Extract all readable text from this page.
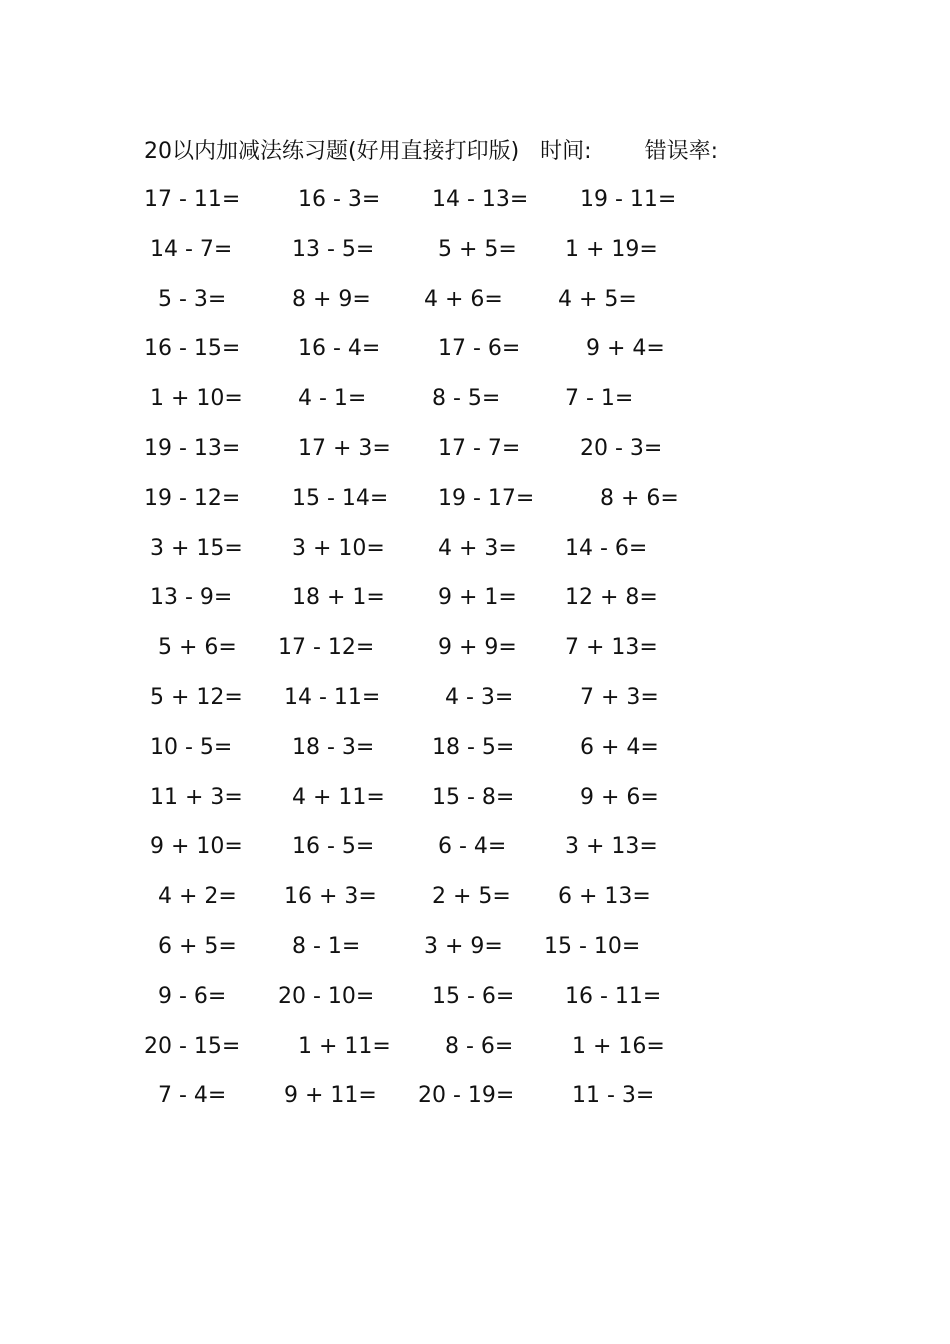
20以内加减法练习题(好用直接打印版) 时间: 错误率:
17 - 11=	16 - 3= 14 - 13= 19 - 11=
14 - 7=	13 - 5=	5 + 5= 1 + 19=
5 - 3=	8 + 9= 4 + 6=	4 + 5=
16 - 15=	16 - 4=	17 - 6=	9 + 4=
1 + 10=	4 - 1=	8 - 5=	7 - 1=
19 - 13=	17 + 3= 17 - 7=	20 - 3=
19 - 12= 15 - 14= 19 - 17=	8 + 6=
3 + 15= 3 + 10= 4 + 3= 14 - 6=
13 - 9=	18 + 1= 9 + 1= 12 + 8=
5 + 6= 17 - 12=	9 + 9= 7 + 13=
5 + 12= 14 - 11=	4 - 3=	7 + 3=
10 - 5=	18 - 3=	18 - 5=	6 + 4=
11 + 3= 4 + 11= 15 - 8=	9 + 6=
9 + 10= 16 - 5=	6 - 4=	3 + 13=
4 + 2= 16 + 3=	2 + 5= 6 + 13=
6 + 5=	8 - 1=	3 + 9= 15 - 10=
9 - 6= 20 - 10=	15 - 6= 16 - 11=
20 - 15=	1 + 11= 8 - 6=	1 + 16=
7 - 4=	9 + 11= 20 - 19=	11 - 3=
